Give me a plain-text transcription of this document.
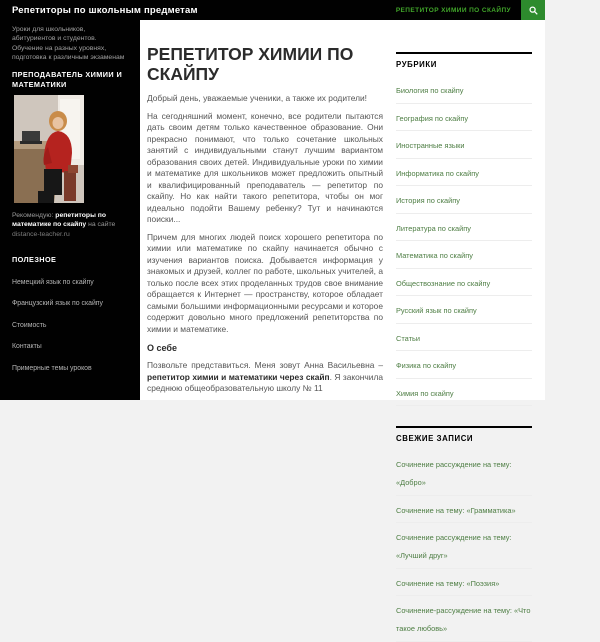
Репетиторы по школьным предметам	РЕПЕТИТОР ХИМИИ ПО СКАЙПУ

Уроки для школьников, абитуриентов и студентов. Обучение на разных уровнях, подготовка к различным экзаменам

ПРЕПОДАВАТЕЛЬ ХИМИИ И МАТЕМАТИКИ

Рекомендую: репетиторы по математике по скайпу на сайте distance-teacher.ru

ПОЛЕЗНОЕ
Немецкий язык по скайпу
Французский язык по скайпу
Стоимость
Контакты
Примерные темы уроков
РЕПЕТИТОР ХИМИИ ПО СКАЙПУ

Добрый день, уважаемые ученики, а также их родители!

На сегодняшний момент, конечно, все родители пытаются дать своим детям только качественное образование. Они прекрасно понимают, что только сочетание школьных занятий с индивидуальными станут лучшим вариантом образования своих детей. Индивидуальные уроки по химии и математике для школьников может предложить опытный и квалифицированный преподаватель — репетитор по скайпу. Но как найти такого репетитора, чтобы он мог идеально подойти Вашему ребенку? Тут и начинаются поиски...

Причем для многих людей поиск хорошего репетитора по химии или математике по скайпу начинается обычно с изучения вариантов поиска. Добывается информация у знакомых и друзей, коллег по работе, школьных учителей, а только после всех этих проделанных трудов свое внимание обращается к Интернет — пространству, которое обладает самыми большими информационными ресурсами и которое содержит довольно много предложений репетиторства по химии и математике.

О себе

Позвольте представиться. Меня зовут Анна Васильевна – репетитор химии и математики через скайп. Я закончила среднюю общеобразовательную школу № 11

РУБРИКИ
Биология по скайпу
География по скайпу
Иностранные языки
Информатика по скайпу
История по скайпу
Литература по скайпу
Математика по скайпу
Обществознание по скайпу
Русский язык по скайпу
Статьи
Физика по скайпу
Химия по скайпу
СВЕЖИЕ ЗАПИСИ
Сочинение рассуждение на тему: «Добро»
Сочинение на тему: «Грамматика»
Сочинение рассуждение на тему: «Лучший друг»
Сочинение на тему: «Поэзия»
Сочинение-рассуждение на тему: «Что такое любовь»
